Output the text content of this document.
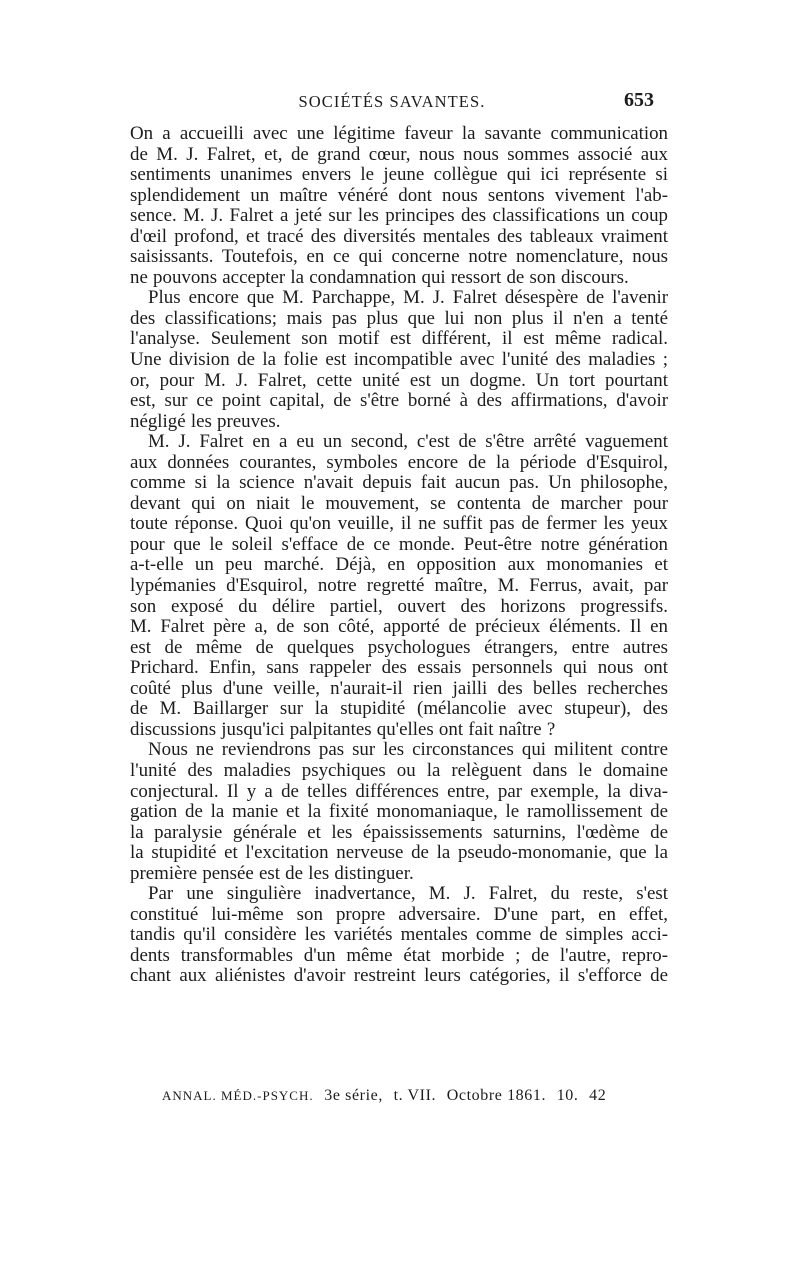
SOCIÉTÉS SAVANTES.	653
On a accueilli avec une légitime faveur la savante communication
de M. J. Falret, et, de grand cœur, nous nous sommes associé aux
sentiments unanimes envers le jeune collègue qui ici représente si
splendidement un maître vénéré dont nous sentons vivement l'ab-
sence. M. J. Falret a jeté sur les principes des classifications un coup
d'œil profond, et tracé des diversités mentales des tableaux vraiment
saisissants. Toutefois, en ce qui concerne notre nomenclature, nous
ne pouvons accepter la condamnation qui ressort de son discours.
Plus encore que M. Parchappe, M. J. Falret désespère de l'avenir
des classifications; mais pas plus que lui non plus il n'en a tenté
l'analyse. Seulement son motif est différent, il est même radical.
Une division de la folie est incompatible avec l'unité des maladies ;
or, pour M. J. Falret, cette unité est un dogme. Un tort pourtant
est, sur ce point capital, de s'être borné à des affirmations, d'avoir
négligé les preuves.
M. J. Falret en a eu un second, c'est de s'être arrêté vaguement
aux données courantes, symboles encore de la période d'Esquirol,
comme si la science n'avait depuis fait aucun pas. Un philosophe,
devant qui on niait le mouvement, se contenta de marcher pour
toute réponse. Quoi qu'on veuille, il ne suffit pas de fermer les yeux
pour que le soleil s'efface de ce monde. Peut-être notre génération
a-t-elle un peu marché. Déjà, en opposition aux monomanies et
lypémanies d'Esquirol, notre regretté maître, M. Ferrus, avait, par
son exposé du délire partiel, ouvert des horizons progressifs.
M. Falret père a, de son côté, apporté de précieux éléments. Il en
est de même de quelques psychologues étrangers, entre autres
Prichard. Enfin, sans rappeler des essais personnels qui nous ont
coûté plus d'une veille, n'aurait-il rien jailli des belles recherches
de M. Baillarger sur la stupidité (mélancolie avec stupeur), des
discussions jusqu'ici palpitantes qu'elles ont fait naître ?
Nous ne reviendrons pas sur les circonstances qui militent contre
l'unité des maladies psychiques ou la relèguent dans le domaine
conjectural. Il y a de telles différences entre, par exemple, la diva-
gation de la manie et la fixité monomaniaque, le ramollissement de
la paralysie générale et les épaississements saturnins, l'œdème de
la stupidité et l'excitation nerveuse de la pseudo-monomanie, que la
première pensée est de les distinguer.
Par une singulière inadvertance, M. J. Falret, du reste, s'est
constitué lui-même son propre adversaire. D'une part, en effet,
tandis qu'il considère les variétés mentales comme de simples acci-
dents transformables d'un même état morbide ; de l'autre, repro-
chant aux aliénistes d'avoir restreint leurs catégories, il s'efforce de
ANNAL. MÉD.-PSYCH. 3e série, t. VII. Octobre 1861. 10. 42
